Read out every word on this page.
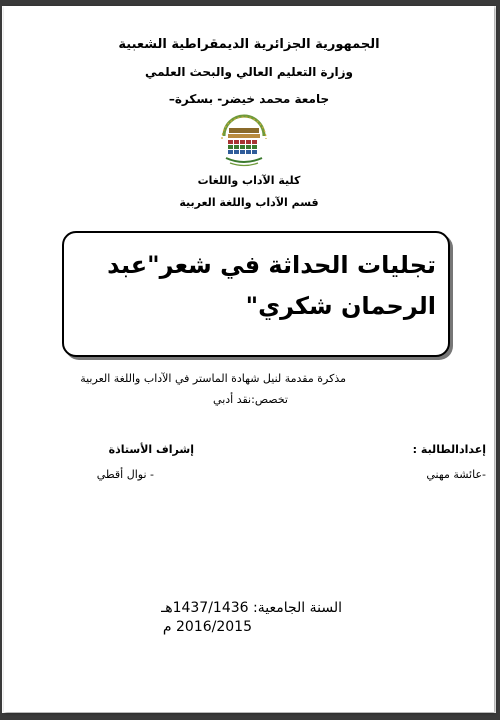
الجمهورية الجزائرية الديمقراطية الشعبية
وزارة التعليم العالي والبحث العلمي
جامعة محمد خيضر- بسكرة–
كلية الآداب واللغات
قسم الآداب واللغة العربية
تجليات الحداثة في شعر"عبد الرحمان شكري"
مذكرة مقدمة لنيل شهادة الماستر في الآداب واللغة العربية
تخصص:نقد أدبي
إعدادالطالبة :
-عائشة مهني
إشراف الأستاذة
- نوال أقطي
السنة الجامعية: 1437/1436هـ
2016/2015 م
